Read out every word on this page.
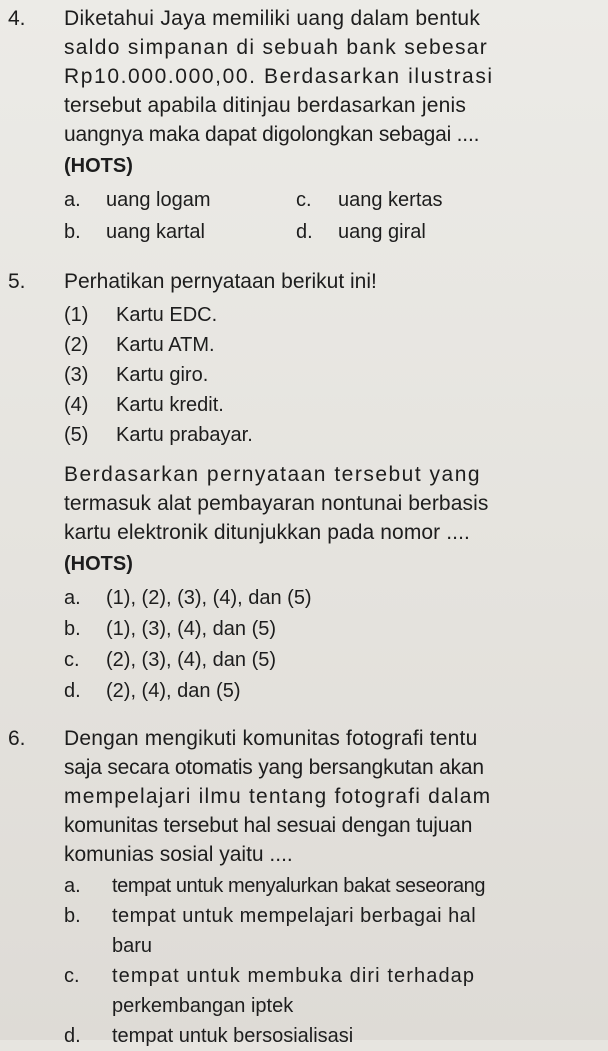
4.	Diketahui Jaya memiliki uang dalam bentuk
saldo simpanan di sebuah bank sebesar
Rp10.000.000,00. Berdasarkan ilustrasi
tersebut apabila ditinjau berdasarkan jenis
uangnya maka dapat digolongkan sebagai ....
(HOTS)
a.	uang logam	c.	uang kertas
b.	uang kartal	d.	uang giral
5.	Perhatikan pernyataan berikut ini!
(1)	Kartu EDC.
(2)	Kartu ATM.
(3)	Kartu giro.
(4)	Kartu kredit.
(5)	Kartu prabayar.
Berdasarkan pernyataan tersebut yang
termasuk alat pembayaran nontunai berbasis
kartu elektronik ditunjukkan pada nomor ....
(HOTS)
a.	(1), (2), (3), (4), dan (5)
b.	(1), (3), (4), dan (5)
c.	(2), (3), (4), dan (5)
d.	(2), (4), dan (5)
6.	Dengan mengikuti komunitas fotografi tentu
saja secara otomatis yang bersangkutan akan
mempelajari ilmu tentang fotografi dalam
komunitas tersebut hal sesuai dengan tujuan
komunias sosial yaitu ....
a.	tempat untuk menyalurkan bakat seseorang
b.	tempat untuk mempelajari berbagai hal
baru
c.	tempat untuk membuka diri terhadap
perkembangan iptek
d.	tempat untuk bersosialisasi
